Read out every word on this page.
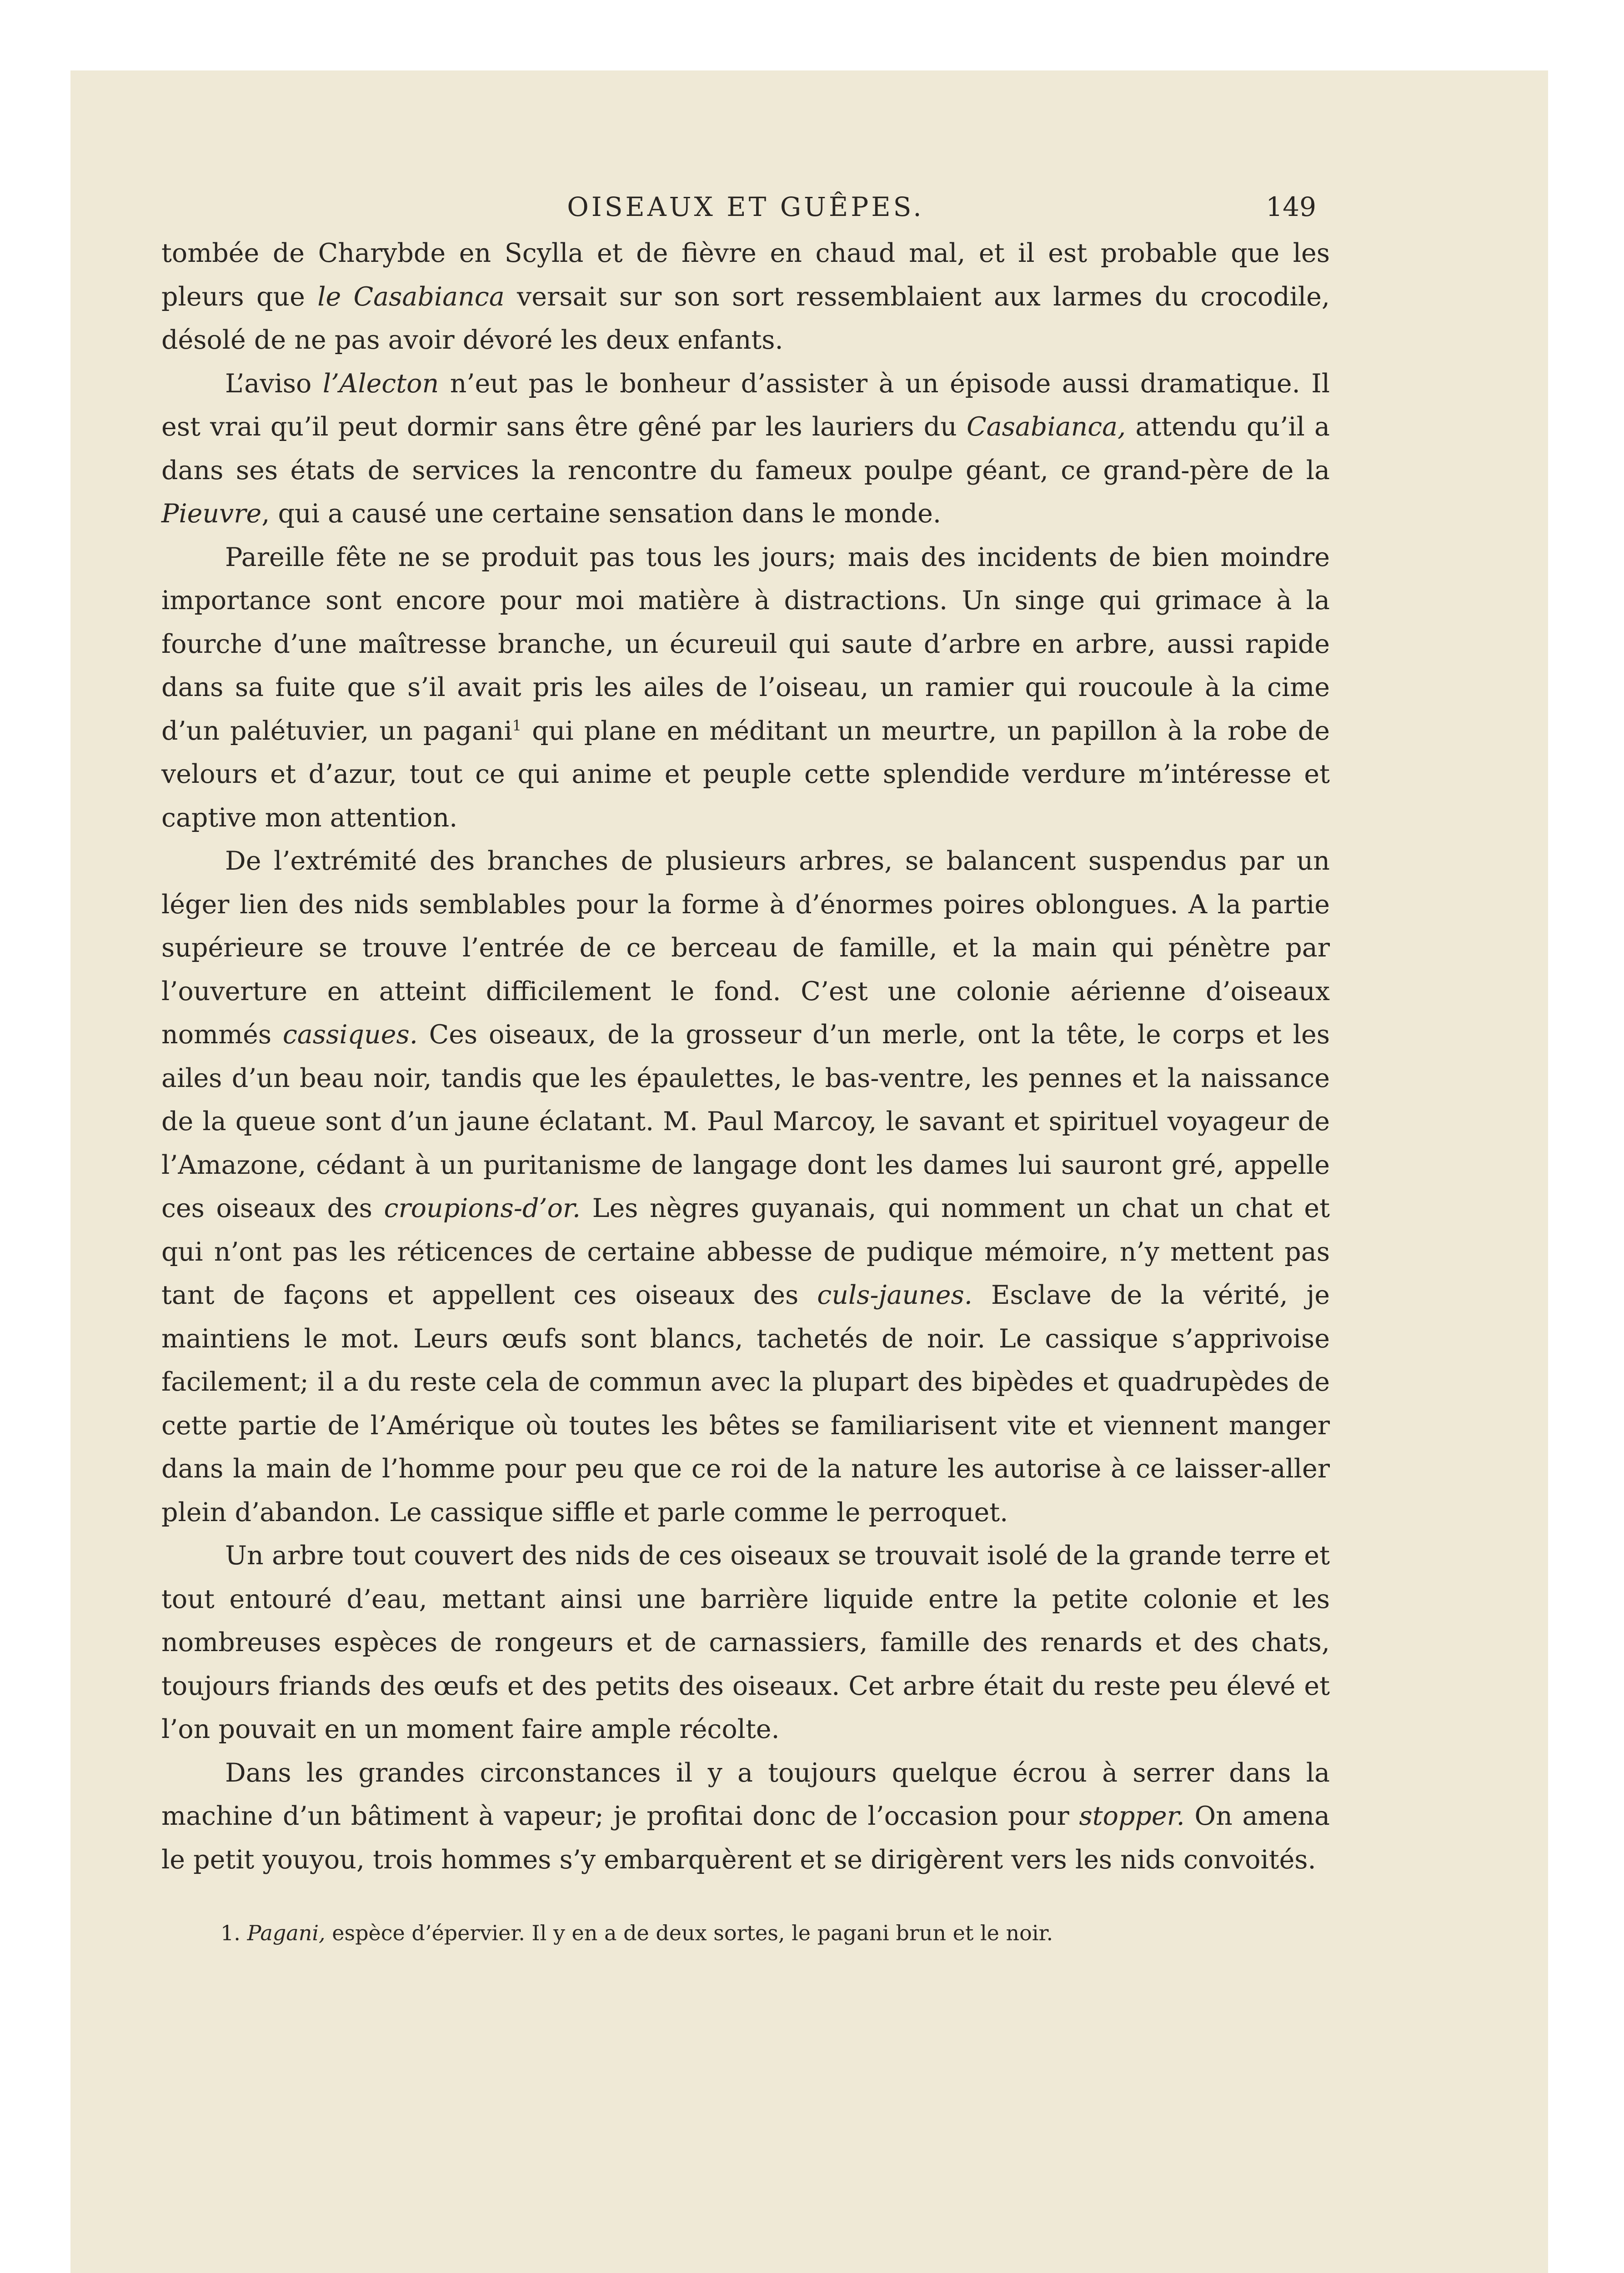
OISEAUX ET GUÊPES.	149

tombée de Charybde en Scylla et de fièvre en chaud mal, et il est probable que les pleurs que le Casabianca versait sur son sort ressemblaient aux larmes du crocodile, désolé de ne pas avoir dévoré les deux enfants.

L’aviso l’Alecton n’eut pas le bonheur d’assister à un épisode aussi dramatique. Il est vrai qu’il peut dormir sans être gêné par les lauriers du Casabianca, attendu qu’il a dans ses états de services la rencontre du fameux poulpe géant, ce grand-père de la Pieuvre, qui a causé une certaine sensation dans le monde.

Pareille fête ne se produit pas tous les jours; mais des incidents de bien moindre importance sont encore pour moi matière à distractions. Un singe qui grimace à la fourche d’une maîtresse branche, un écureuil qui saute d’arbre en arbre, aussi rapide dans sa fuite que s’il avait pris les ailes de l’oiseau, un ramier qui roucoule à la cime d’un palétuvier, un pagani$^1$ qui plane en méditant un meurtre, un papillon à la robe de velours et d’azur, tout ce qui anime et peuple cette splendide verdure m’intéresse et captive mon attention.

De l’extrémité des branches de plusieurs arbres, se balancent suspendus par un léger lien des nids semblables pour la forme à d’énormes poires oblongues. A la partie supérieure se trouve l’entrée de ce berceau de famille, et la main qui pénètre par l’ouverture en atteint difficilement le fond. C’est une colonie aérienne d’oiseaux nommés cassiques. Ces oiseaux, de la grosseur d’un merle, ont la tête, le corps et les ailes d’un beau noir, tandis que les épaulettes, le bas-ventre, les pennes et la naissance de la queue sont d’un jaune éclatant. M. Paul Marcoy, le savant et spirituel voyageur de l’Amazone, cédant à un puritanisme de langage dont les dames lui sauront gré, appelle ces oiseaux des croupions-d’or. Les nègres guyanais, qui nomment un chat un chat et qui n’ont pas les réticences de certaine abbesse de pudique mémoire, n’y mettent pas tant de façons et appellent ces oiseaux des culs-jaunes. Esclave de la vérité, je maintiens le mot. Leurs œufs sont blancs, tachetés de noir. Le cassique s’apprivoise facilement; il a du reste cela de commun avec la plupart des bipèdes et quadrupèdes de cette partie de l’Amérique où toutes les bêtes se familiarisent vite et viennent manger dans la main de l’homme pour peu que ce roi de la nature les autorise à ce laisser-aller plein d’abandon. Le cassique siffle et parle comme le perroquet.

Un arbre tout couvert des nids de ces oiseaux se trouvait isolé de la grande terre et tout entouré d’eau, mettant ainsi une barrière liquide entre la petite colonie et les nombreuses espèces de rongeurs et de carnassiers, famille des renards et des chats, toujours friands des œufs et des petits des oiseaux. Cet arbre était du reste peu élevé et l’on pouvait en un moment faire ample récolte.

Dans les grandes circonstances il y a toujours quelque écrou à serrer dans la machine d’un bâtiment à vapeur; je profitai donc de l’occasion pour stopper. On amena le petit youyou, trois hommes s’y embarquèrent et se dirigèrent vers les nids convoités.

1. Pagani, espèce d’épervier. Il y en a de deux sortes, le pagani brun et le noir.
